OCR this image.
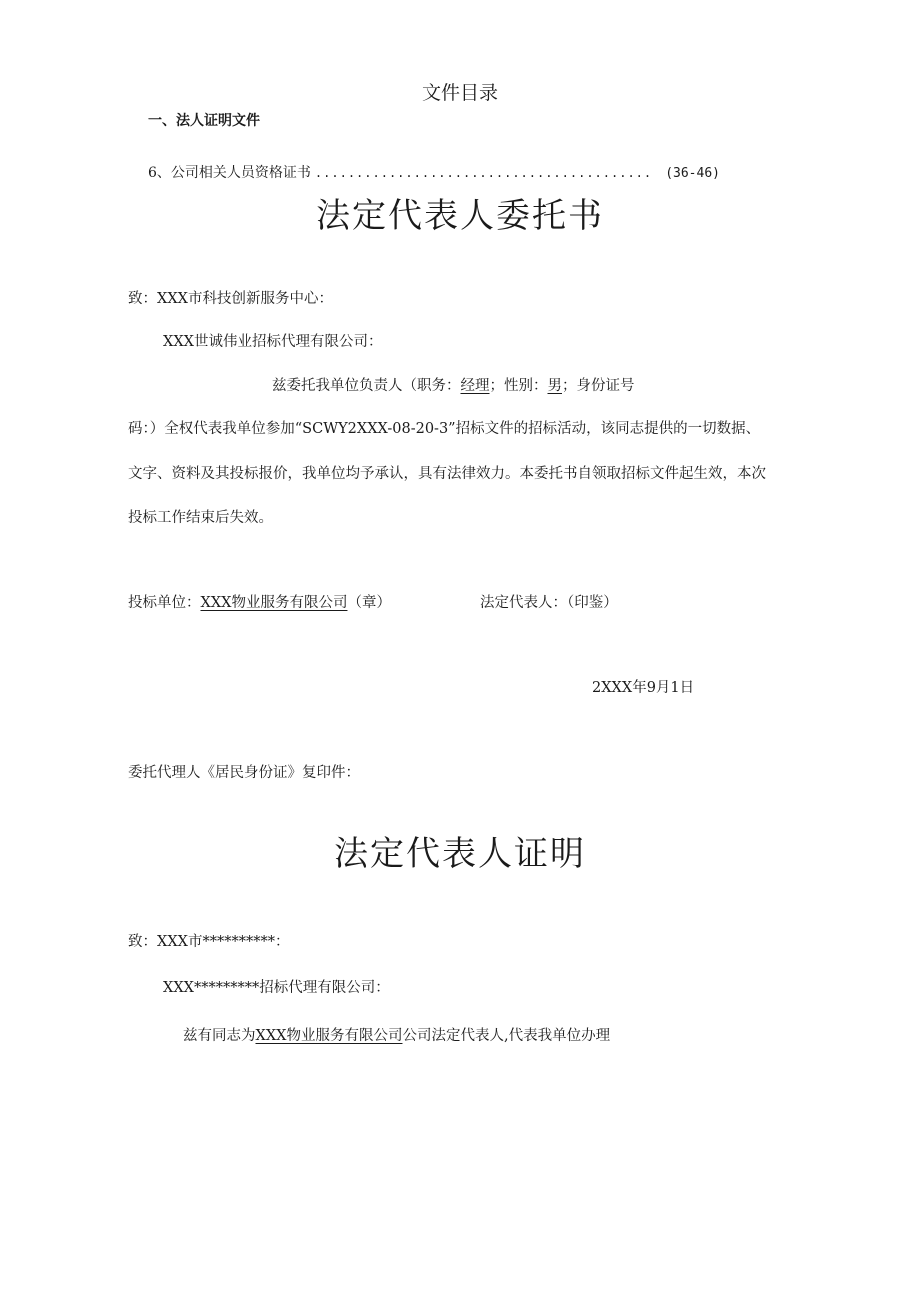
文件目录
一、法人证明文件
6、 公司相关人员资格证书 .........................................	(36-46)
法定代表人委托书
致：XXX市科技创新服务中心：
XXX世诚伟业招标代理有限公司：
兹委托我单位负责人（职务：经理；性别：男；身份证号
码：）全权代表我单位参加“SCWY2XXX-08-20-3”招标文件的招标活动，该同志提供的一切数据、
文字、资料及其投标报价，我单位均予承认，具有法律效力。本委托书自领取招标文件起生效，本次
投标工作结束后失效。
投标单位：XXX物业服务有限公司（章）	法定代表人：（印鉴）
2XXX年9月1日
委托代理人《居民身份证》复印件：
法定代表人证明
致：XXX市**********：
XXX*********招标代理有限公司：
兹有同志为XXX物业服务有限公司公司法定代表人,代表我单位办理
